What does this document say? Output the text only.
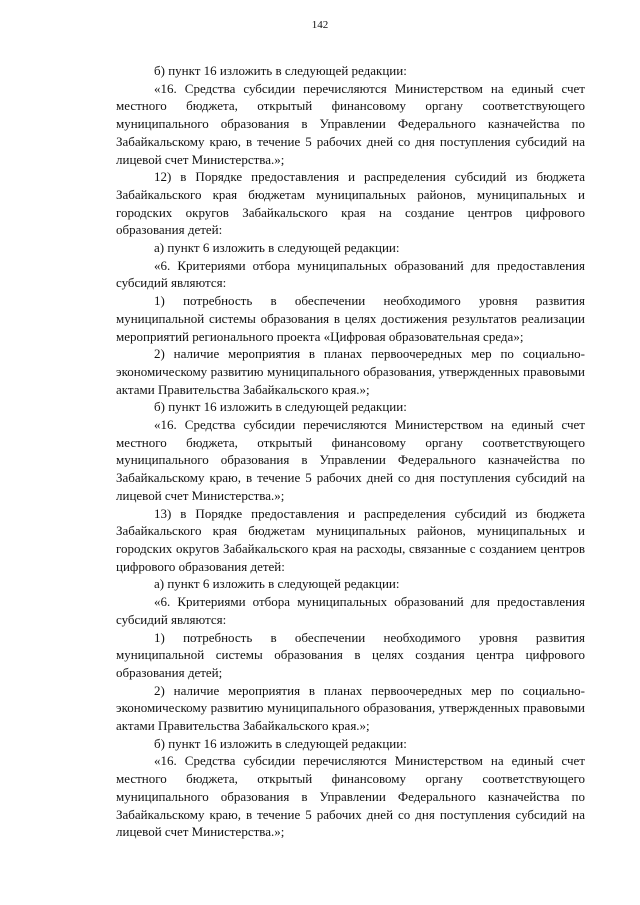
142

б) пункт 16 изложить в следующей редакции:

«16. Средства субсидии перечисляются Министерством на единый счет местного бюджета, открытый финансовому органу соответствующего муниципального образования в Управлении Федерального казначейства по Забайкальскому краю, в течение 5 рабочих дней со дня поступления субсидий на лицевой счет Министерства.»;

12) в Порядке предоставления и распределения субсидий из бюджета Забайкальского края бюджетам муниципальных районов, муниципальных и городских округов Забайкальского края на создание центров цифрового образования детей:

а) пункт 6 изложить в следующей редакции:

«6. Критериями отбора муниципальных образований для предоставления субсидий являются:

1) потребность в обеспечении необходимого уровня развития муниципальной системы образования в целях достижения результатов реализации мероприятий регионального проекта «Цифровая образовательная среда»;

2) наличие мероприятия в планах первоочередных мер по социально-экономическому развитию муниципального образования, утвержденных правовыми актами Правительства Забайкальского края.»;

б) пункт 16 изложить в следующей редакции:

«16. Средства субсидии перечисляются Министерством на единый счет местного бюджета, открытый финансовому органу соответствующего муниципального образования в Управлении Федерального казначейства по Забайкальскому краю, в течение 5 рабочих дней со дня поступления субсидий на лицевой счет Министерства.»;

13) в Порядке предоставления и распределения субсидий из бюджета Забайкальского края бюджетам муниципальных районов, муниципальных и городских округов Забайкальского края на расходы, связанные с созданием центров цифрового образования детей:

а) пункт 6 изложить в следующей редакции:

«6. Критериями отбора муниципальных образований для предоставления субсидий являются:

1) потребность в обеспечении необходимого уровня развития муниципальной системы образования в целях создания центра цифрового образования детей;

2) наличие мероприятия в планах первоочередных мер по социально-экономическому развитию муниципального образования, утвержденных правовыми актами Правительства Забайкальского края.»;

б) пункт 16 изложить в следующей редакции:

«16. Средства субсидии перечисляются Министерством на единый счет местного бюджета, открытый финансовому органу соответствующего муниципального образования в Управлении Федерального казначейства по Забайкальскому краю, в течение 5 рабочих дней со дня поступления субсидий на лицевой счет Министерства.»;
